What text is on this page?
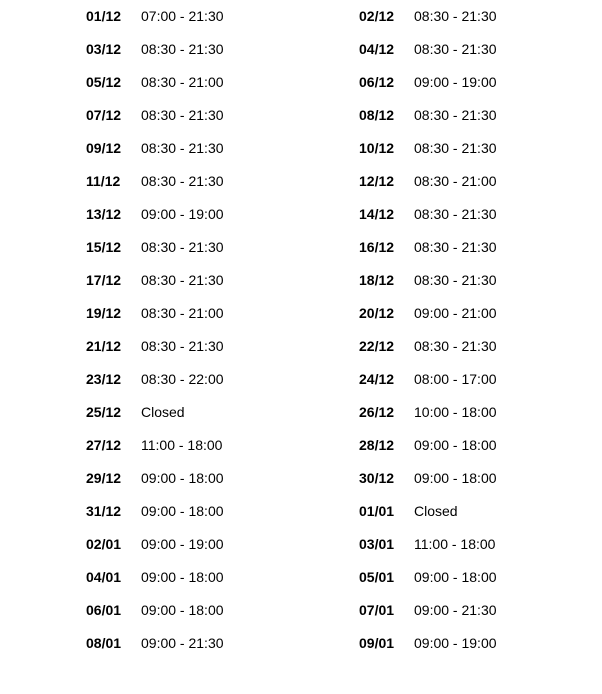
01/12 07:00 - 21:30
03/12 08:30 - 21:30
05/12 08:30 - 21:00
07/12 08:30 - 21:30
09/12 08:30 - 21:30
11/12 08:30 - 21:30
13/12 09:00 - 19:00
15/12 08:30 - 21:30
17/12 08:30 - 21:30
19/12 08:30 - 21:00
21/12 08:30 - 21:30
23/12 08:30 - 22:00
25/12 Closed
27/12 11:00 - 18:00
29/12 09:00 - 18:00
31/12 09:00 - 18:00
02/01 09:00 - 19:00
04/01 09:00 - 18:00
06/01 09:00 - 18:00
08/01 09:00 - 21:30
02/12 08:30 - 21:30
04/12 08:30 - 21:30
06/12 09:00 - 19:00
08/12 08:30 - 21:30
10/12 08:30 - 21:30
12/12 08:30 - 21:00
14/12 08:30 - 21:30
16/12 08:30 - 21:30
18/12 08:30 - 21:30
20/12 09:00 - 21:00
22/12 08:30 - 21:30
24/12 08:00 - 17:00
26/12 10:00 - 18:00
28/12 09:00 - 18:00
30/12 09:00 - 18:00
01/01 Closed
03/01 11:00 - 18:00
05/01 09:00 - 18:00
07/01 09:00 - 21:30
09/01 09:00 - 19:00
